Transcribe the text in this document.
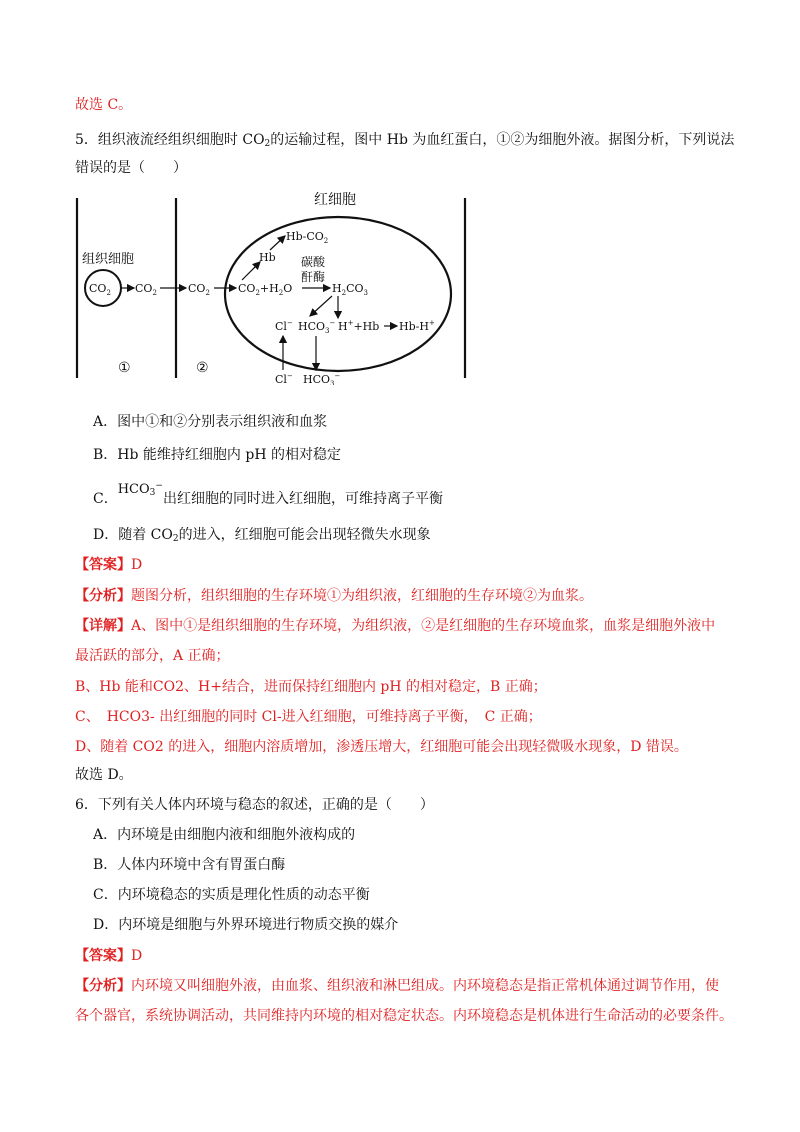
故选 C。
5．组织液流经组织细胞时 $CO_2$的运输过程，图中 Hb 为血红蛋白，①②为细胞外液。据图分析，下列说法
错误的是（　　）
红细胞
组织细胞
$CO_2$ $CO_2$	$CO_2$	$CO_2+H_2O$
碳酸
酐酶
$H_2CO_3$
Hb
$Hb-CO_2$
Cl− $HCO_3^-$ H++Hb Hb-H+
Cl− $HCO_3^-$
①	②
A．图中①和②分别表示组织液和血浆
B．Hb 能维持红细胞内 pH 的相对稳定
C．$HCO_3^-$出红细胞的同时进入红细胞，可维持离子平衡
D．随着 $CO_2$的进入，红细胞可能会出现轻微失水现象
【答案】D
【分析】题图分析，组织细胞的生存环境①为组织液，红细胞的生存环境②为血浆。
【详解】A、图中①是组织细胞的生存环境，为组织液，②是红细胞的生存环境血浆，血浆是细胞外液中
最活跃的部分，A 正确；
B、Hb 能和CO2、H+结合，进而保持红细胞内 pH 的相对稳定，B 正确；
C、　HCO3- 出红细胞的同时 Cl-进入红细胞，可维持离子平衡，　C 正确；
D、随着 CO2 的进入，细胞内溶质增加，渗透压增大，红细胞可能会出现轻微吸水现象，D 错误。
故选 D。
6．下列有关人体内环境与稳态的叙述，正确的是（　　）
A．内环境是由细胞内液和细胞外液构成的
B．人体内环境中含有胃蛋白酶
C．内环境稳态的实质是理化性质的动态平衡
D．内环境是细胞与外界环境进行物质交换的媒介
【答案】D
【分析】内环境又叫细胞外液，由血浆、组织液和淋巴组成。内环境稳态是指正常机体通过调节作用，使
各个器官，系统协调活动，共同维持内环境的相对稳定状态。内环境稳态是机体进行生命活动的必要条件。
